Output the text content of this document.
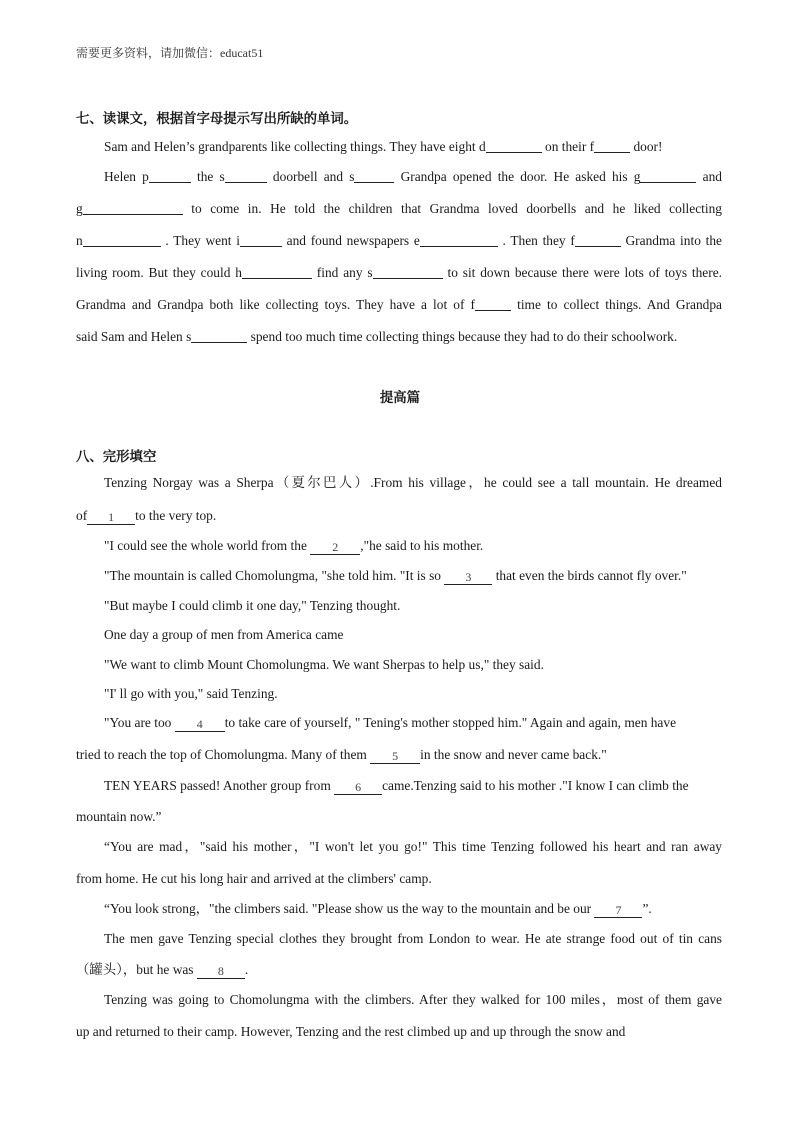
需要更多资料，请加微信：educat51
七、读课文，根据首字母提示写出所缺的单词。
Sam and Helen’s grandparents like collecting things. They have eight d	on their f	door!
Helen p	the s	doorbell and s	Grandpa opened the door. He asked his g	and
g	to come in. He told the children that Grandma loved doorbells and he liked collecting
n	. They went i	and found newspapers e	. Then they f	Grandma into the
living room. But they could h	find any s	to sit down because there were lots of toys there.
Grandma and Grandpa both like collecting toys. They have a lot of f	time to collect things. And Grandpa
said Sam and Helen s	spend too much time collecting things because they had to do their schoolwork.
提高篇
八、完形填空
Tenzing Norgay was a Sherpa（夏尔巴人）.From his village，he could see a tall mountain. He dreamed
of 1 to the very top.
"I could see the whole world from the 2 ,"he said to his mother.
"The mountain is called Chomolungma, "she told him. "It is so 3 that even the birds cannot fly over."
"But maybe I could climb it one day," Tenzing thought.
One day a group of men from America came
"We want to climb Mount Chomolungma. We want Sherpas to help us," they said.
"I' ll go with you," said Tenzing.
"You are too 4 to take care of yourself, " Tening's mother stopped him." Again and again, men have
tried to reach the top of Chomolungma. Many of them 5 in the snow and never came back."
TEN YEARS passed! Another group from 6 came.Tenzing said to his mother ."I know I can climb the
mountain now.”
“You are mad，"said his mother，"I won't let you go!" This time Tenzing followed his heart and ran away
from home. He cut his long hair and arrived at the climbers' camp.
“You look strong，"the climbers said. "Please show us the way to the mountain and be our 7 ”.
The men gave Tenzing special clothes they brought from London to wear. He ate strange food out of tin cans
（罐头），but he was 8 .
Tenzing was going to Chomolungma with the climbers. After they walked for 100 miles，most of them gave
up and returned to their camp. However, Tenzing and the rest climbed up and up through the snow and
